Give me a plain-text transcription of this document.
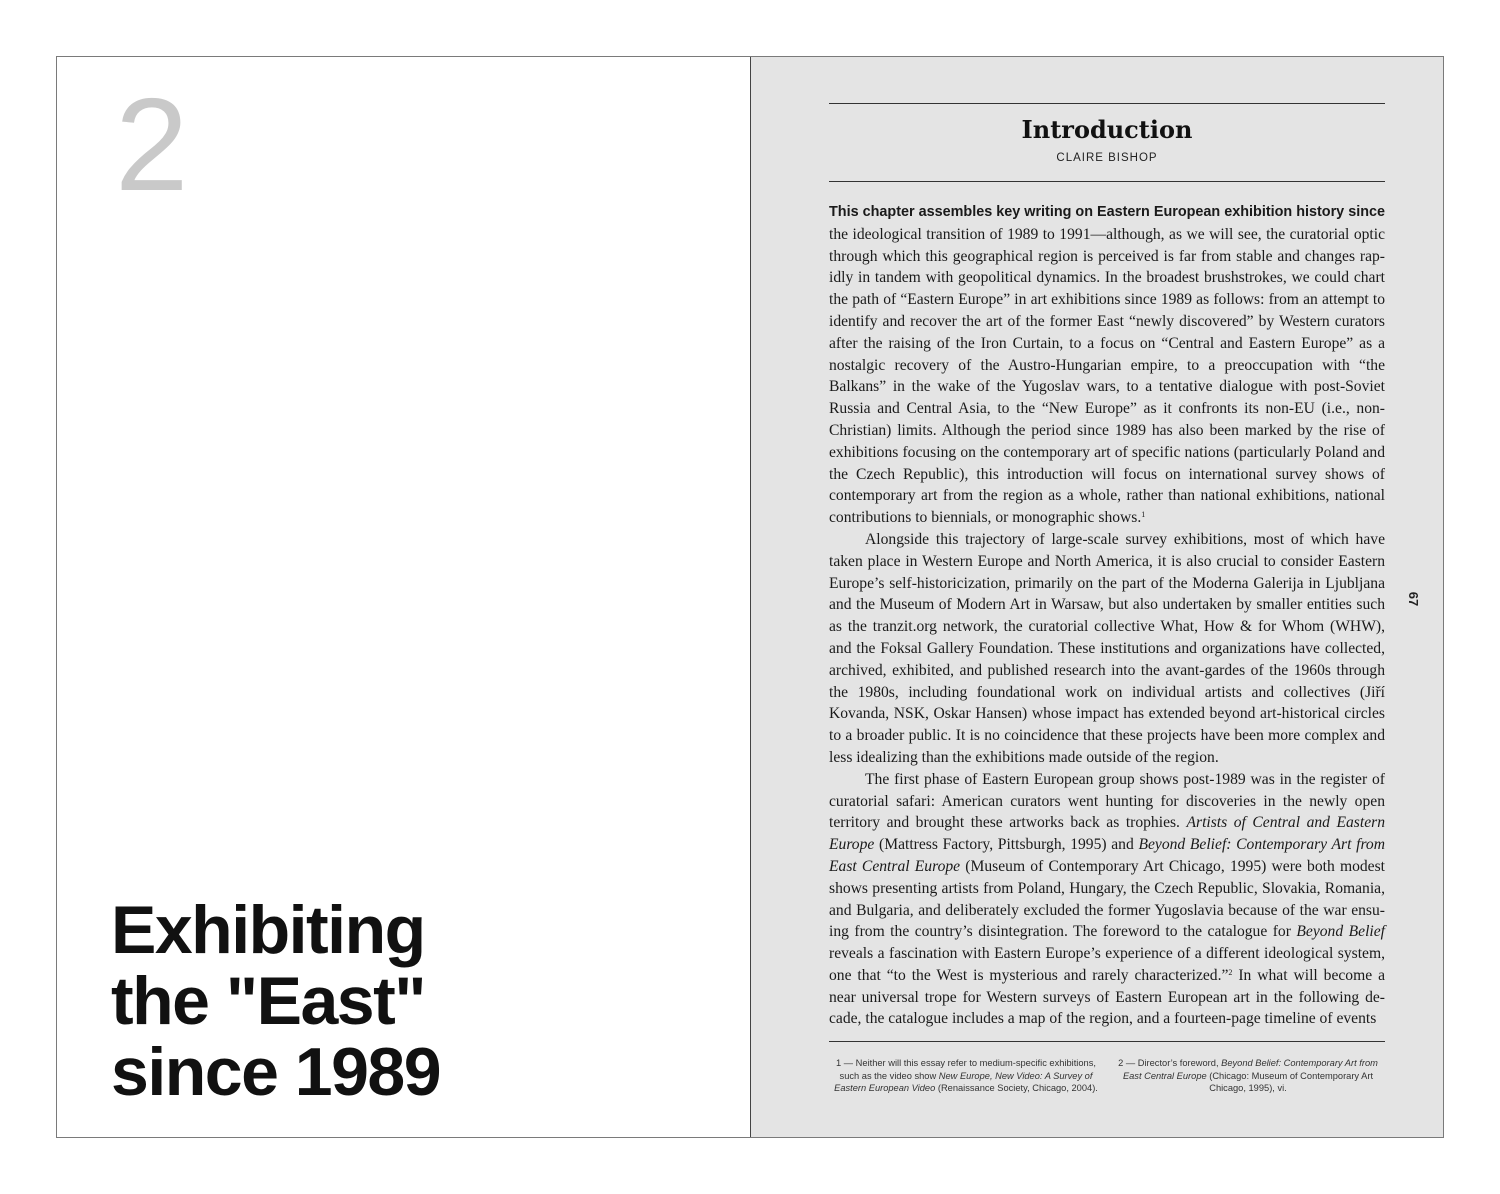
2
Exhibiting
the "East"
since 1989
Introduction
CLAIRE BISHOP

This chapter assembles key writing on Eastern European exhibition history since the ideological transition of 1989 to 1991—although, as we will see, the curatorial optic through which this geographical region is perceived is far from stable and changes rapidly in tandem with geopolitical dynamics. In the broadest brushstrokes, we could chart the path of “Eastern Europe” in art exhibitions since 1989 as follows: from an attempt to identify and recover the art of the former East “newly discovered” by Western curators after the raising of the Iron Curtain, to a focus on “Central and Eastern Europe” as a nostalgic recovery of the Austro-Hungarian empire, to a preoccupation with “the Balkans” in the wake of the Yugoslav wars, to a tentative dialogue with post-Soviet Russia and Central Asia, to the “New Europe” as it confronts its non-EU (i.e., non-Christian) limits. Although the period since 1989 has also been marked by the rise of exhibitions focusing on the contemporary art of specific nations (particularly Poland and the Czech Republic), this introduction will focus on international survey shows of contemporary art from the region as a whole, rather than national exhibitions, national contributions to biennials, or monographic shows.$^1$

Alongside this trajectory of large-scale survey exhibitions, most of which have taken place in Western Europe and North America, it is also crucial to consider Eastern Europe’s self-historicization, primarily on the part of the Moderna Galerija in Ljubljana and the Museum of Modern Art in Warsaw, but also undertaken by smaller entities such as the tranzit.org network, the curatorial collective What, How & for Whom (WHW), and the Foksal Gallery Foundation. These institutions and organizations have collected, archived, exhibited, and published research into the avant-gardes of the 1960s through the 1980s, including foundational work on individual artists and collectives (Jiří Kovanda, NSK, Oskar Hansen) whose impact has extended beyond art-historical circles to a broader public. It is no coincidence that these projects have been more complex and less idealizing than the exhibitions made outside of the region.

The first phase of Eastern European group shows post-1989 was in the register of curatorial safari: American curators went hunting for discoveries in the newly open territory and brought these artworks back as trophies. Artists of Central and Eastern Europe (Mattress Factory, Pittsburgh, 1995) and Beyond Belief: Contemporary Art from East Central Europe (Museum of Contemporary Art Chicago, 1995) were both modest shows presenting artists from Poland, Hungary, the Czech Republic, Slovakia, Romania, and Bulgaria, and deliberately excluded the former Yugoslavia because of the war ensuing from the country’s disintegration. The foreword to the catalogue for Beyond Belief reveals a fascination with Eastern Europe’s experience of a different ideological system, one that “to the West is mysterious and rarely characterized.”$^2$ In what will become a near universal trope for Western surveys of Eastern European art in the following decade, the catalogue includes a map of the region, and a fourteen-page timeline of events

67
1 — Neither will this essay refer to medium-specific exhibitions, such as the video show New Europe, New Video: A Survey of Eastern European Video (Renaissance Society, Chicago, 2004).
2 — Director’s foreword, Beyond Belief: Contemporary Art from East Central Europe (Chicago: Museum of Contemporary Art Chicago, 1995), vi.
